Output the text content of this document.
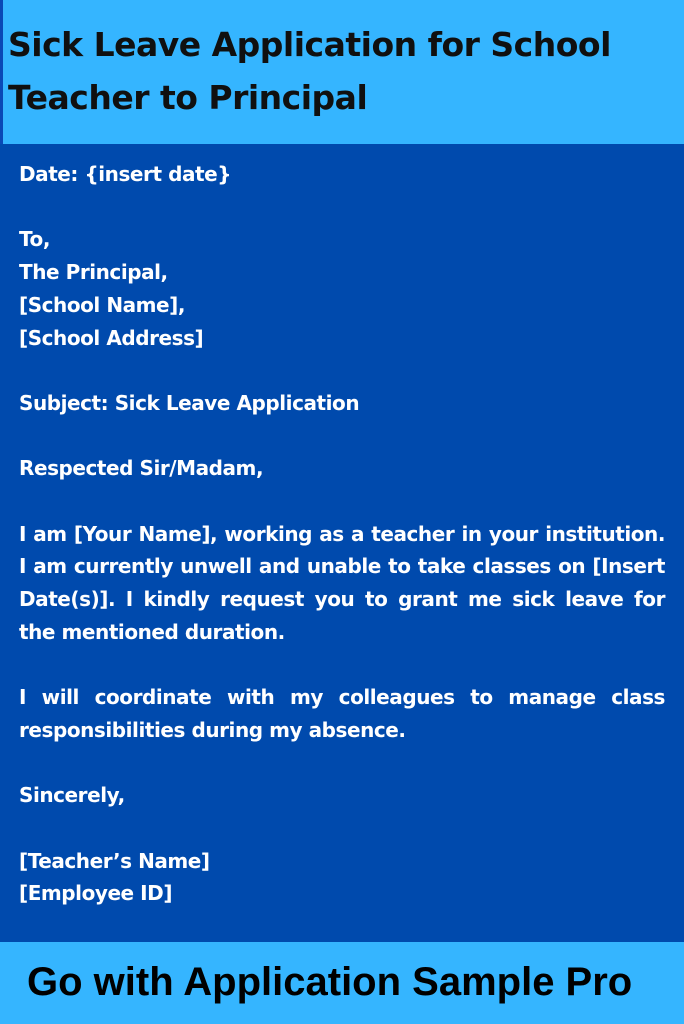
Sick Leave Application for School Teacher to Principal
Date: {insert date}
To,
The Principal,
[School Name],
[School Address]
Subject: Sick Leave Application
Respected Sir/Madam,
I am [Your Name], working as a teacher in your institution. I am currently unwell and unable to take classes on [Insert Date(s)]. I kindly request you to grant me sick leave for the mentioned duration.
I will coordinate with my colleagues to manage class responsibilities during my absence.
Sincerely,
[Teacher’s Name]
[Employee ID]
Go with Application Sample Pro
